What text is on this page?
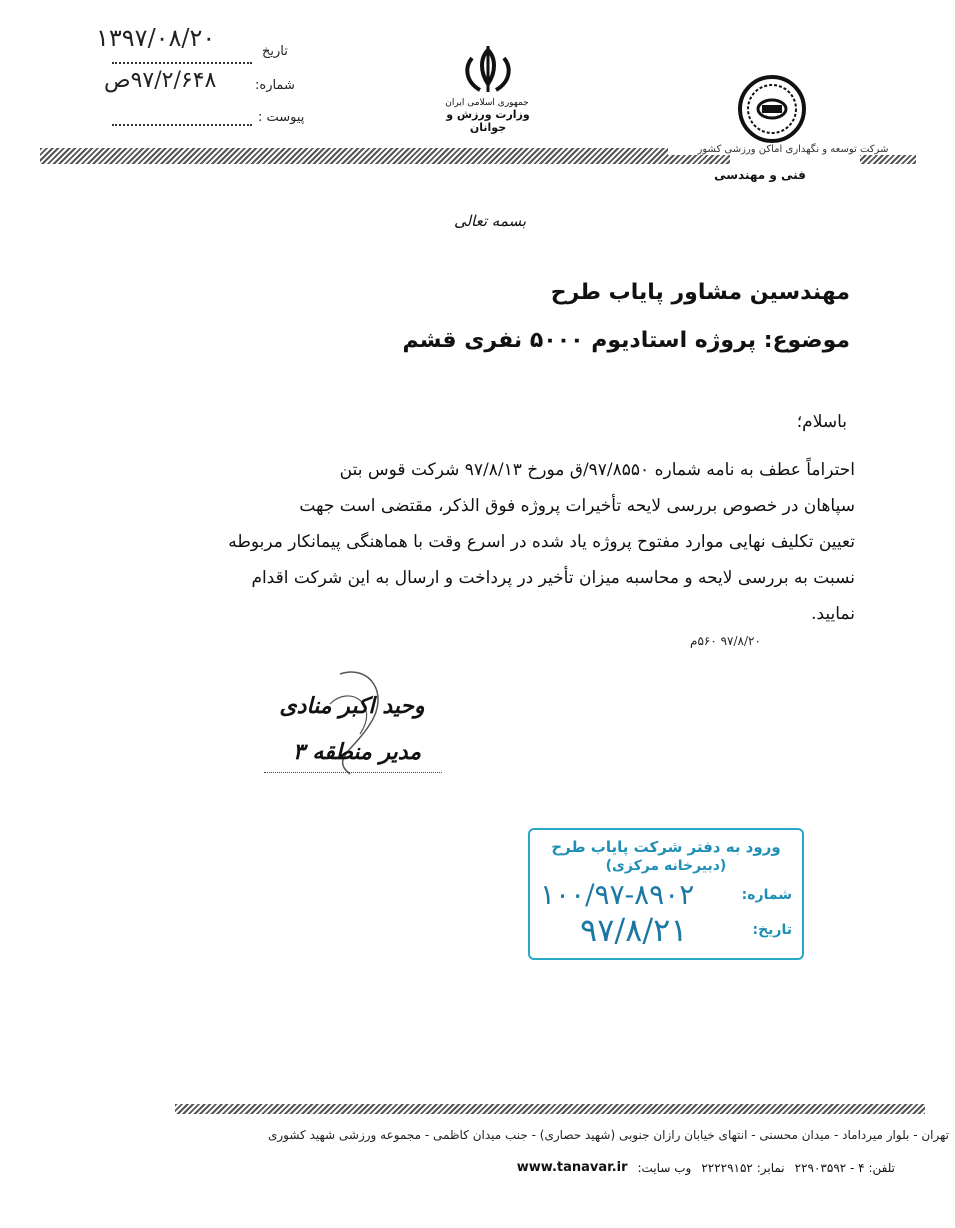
تاریخ
۱۳۹۷/۰۸/۲۰
شماره:
۹۷/۲/۶۴۸ص
پیوست :
جمهوری اسلامی ایران
وزارت ورزش و جوانان
شرکت توسعه و نگهداری اماکن ورزشی کشور
فنی و مهندسی
بسمه تعالی
مهندسین مشاور پایاب طرح
موضوع: پروژه استادیوم ۵۰۰۰ نفری قشم
باسلام؛

احتراماً عطف به نامه شماره ۹۷/۸۵۵۰/ق مورخ ۹۷/۸/۱۳ شرکت قوس بتن

سپاهان در خصوص بررسی لایحه تأخیرات پروژه فوق الذکر، مقتضی است جهت

تعیین تکلیف نهایی موارد مفتوح پروژه یاد شده در اسرع وقت با هماهنگی پیمانکار مربوطه

نسبت به بررسی لایحه و محاسبه میزان تأخیر در پرداخت و ارسال به این شرکت اقدام

نمایید.

۹۷/۸/۲۰ ۵۶۰م
وحید اکبر منادی
مدیر منطقه ۳
ورود به دفتر شرکت پایاب طرح
(دبیرخانه مرکزی)
شماره:
۱۰۰/۹۷-۸۹۰۲
تاریخ:
۹۷/۸/۲۱
تهران - بلوار میرداماد - میدان محسنی - انتهای خیابان رازان جنوبی (شهید حصاری) - جنب میدان کاظمی - مجموعه ورزشی شهید کشوری
تلفن: ۴ - ۲۲۹۰۳۵۹۲
نمابر: ۲۲۲۲۹۱۵۲
وب سایت:
www.tanavar.ir
